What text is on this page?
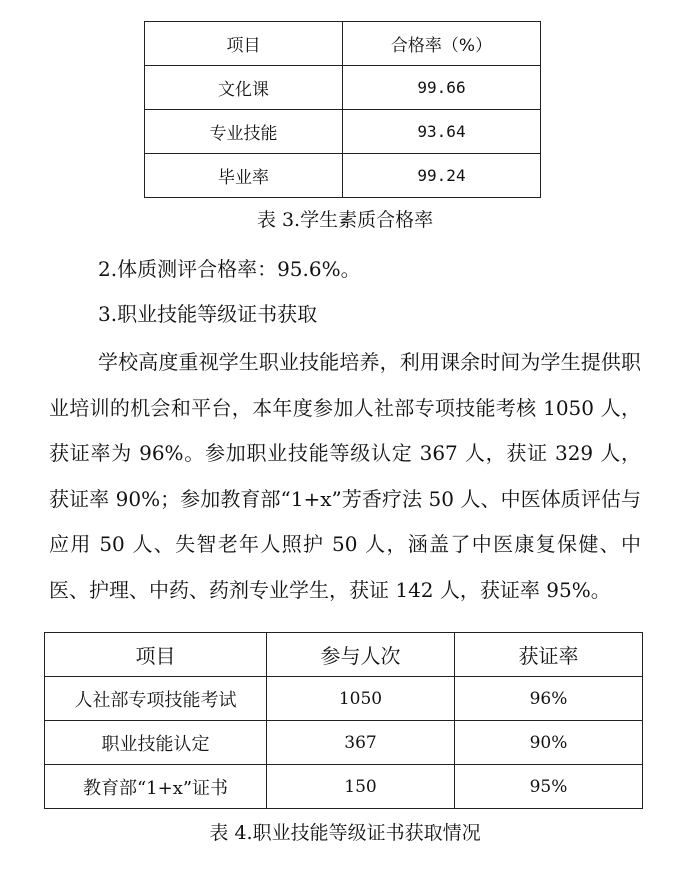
项目	合格率（%）
文化课	99.66
专业技能	93.64
毕业率	99.24
表 3.学生素质合格率
2.体质测评合格率：95.6%。
3.职业技能等级证书获取

学校高度重视学生职业技能培养，利用课余时间为学生提供职业培训的机会和平台，本年度参加人社部专项技能考核 1050 人，获证率为 96%。参加职业技能等级认定 367 人，获证 329 人，获证率 90%；参加教育部“1+x”芳香疗法 50 人、中医体质评估与应用 50 人、失智老年人照护 50 人，涵盖了中医康复保健、中医、护理、中药、药剂专业学生，获证 142 人，获证率 95%。

项目	参与人次	获证率
人社部专项技能考试	1050	96%
职业技能认定	367	90%
教育部“1+x”证书	150	95%
表 4.职业技能等级证书获取情况
